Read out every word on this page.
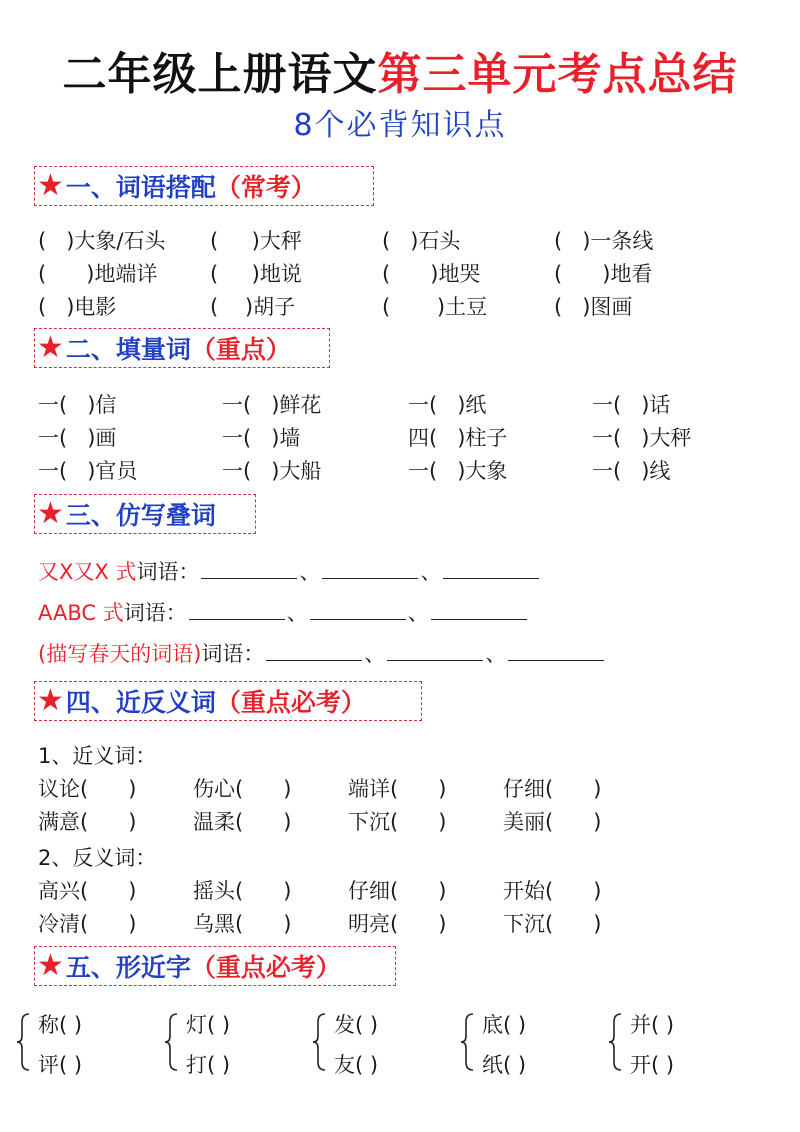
二年级上册语文第三单元考点总结
8个必背知识点
★ 一、词语搭配 （常考）
(   )大象/石头 (     )大秤	(   )石头	(   )一条线
(      )地端详	(     )地说	(      )地哭	(      )地看
(   )电影	(    )胡子	(       )土豆	(   )图画
★ 二、填量词 （重点）
一(   )信	一(   )鲜花	一(   )纸	一(   )话
一(   )画	一(   )墙	四(   )柱子	一(   )大秤
一(   )官员	一(   )大船	一(   )大象	一(   )线
★ 三、仿写叠词
又X又X 式词语：	、	、
AABC 式词语：	、	、
(描写春天的词语)词语：	、	、
★ 四、近反义词 （重点必考）
1、近义词：
议论(      )	伤心(      )	端详(      )	仔细(      )
满意(      )	温柔(      )	下沉(      )	美丽(      )
2、反义词：
高兴(      )	摇头(      )	仔细(      )	开始(      )
冷清(      )	乌黑(      )	明亮(      )	下沉(      )
★ 五、形近字 （重点必考）
称( )
评( )
灯( )
打( )
发( )
友( )
底( )
纸( )
并( )
开( )
